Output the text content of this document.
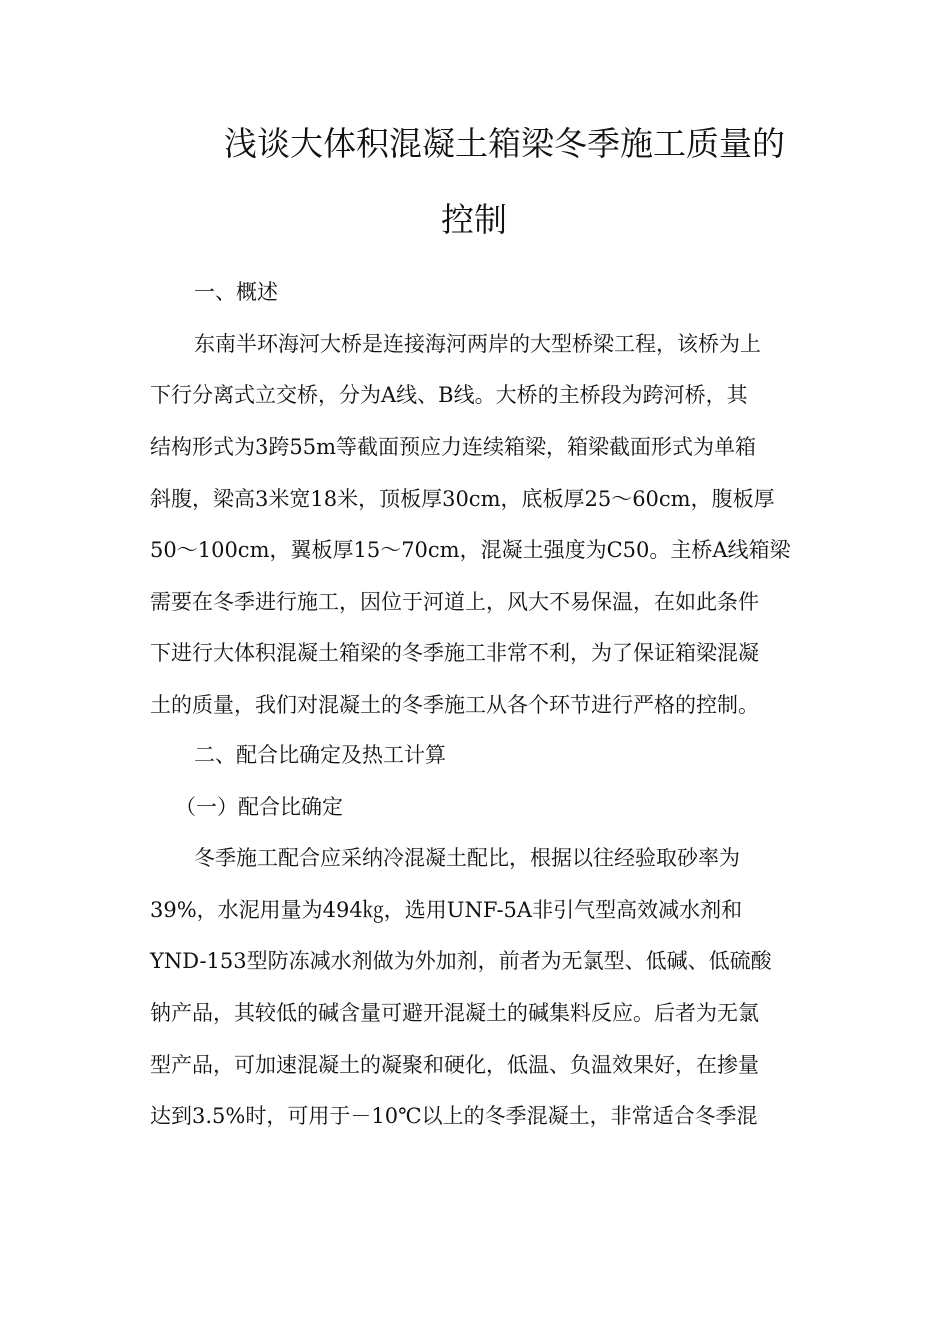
浅谈大体积混凝土箱梁冬季施工质量的
控制
一、概述
东南半环海河大桥是连接海河两岸的大型桥梁工程，该桥为上
下行分离式立交桥，分为A线、B线。大桥的主桥段为跨河桥，其
结构形式为3跨55m等截面预应力连续箱梁，箱梁截面形式为单箱
斜腹，梁高3米宽18米，顶板厚30cm，底板厚25～60cm，腹板厚
50～100cm，翼板厚15～70cm，混凝土强度为C50。主桥A线箱梁
需要在冬季进行施工，因位于河道上，风大不易保温，在如此条件
下进行大体积混凝土箱梁的冬季施工非常不利，为了保证箱梁混凝
土的质量，我们对混凝土的冬季施工从各个环节进行严格的控制。
二、配合比确定及热工计算
（一）配合比确定
冬季施工配合应采纳冷混凝土配比，根据以往经验取砂率为
39%，水泥用量为494㎏，选用UNF-5A非引气型高效减水剂和
YND-153型防冻减水剂做为外加剂，前者为无氯型、低碱、低硫酸
钠产品，其较低的碱含量可避开混凝土的碱集料反应。后者为无氯
型产品，可加速混凝土的凝聚和硬化，低温、负温效果好，在掺量
达到3.5%时，可用于－10℃以上的冬季混凝土，非常适合冬季混
